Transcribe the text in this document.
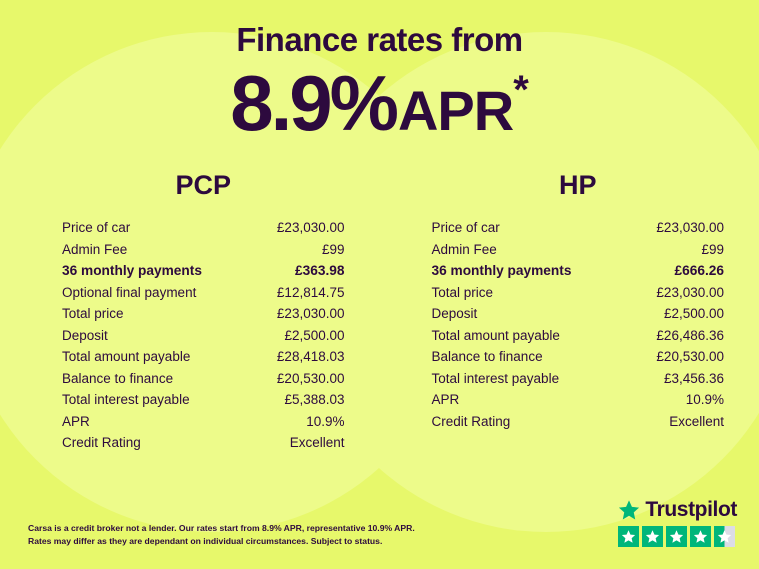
Finance rates from
8.9%APR*
PCP
Price of car	£23,030.00
Admin Fee	£99
36 monthly payments	£363.98
Optional final payment	£12,814.75
Total price	£23,030.00
Deposit	£2,500.00
Total amount payable	£28,418.03
Balance to finance	£20,530.00
Total interest payable	£5,388.03
APR	10.9%
Credit Rating	Excellent
HP
Price of car	£23,030.00
Admin Fee	£99
36 monthly payments	£666.26
Total price	£23,030.00
Deposit	£2,500.00
Total amount payable	£26,486.36
Balance to finance	£20,530.00
Total interest payable	£3,456.36
APR	10.9%
Credit Rating	Excellent
Carsa is a credit broker not a lender. Our rates start from 8.9% APR, representative 10.9% APR.
Rates may differ as they are dependant on individual circumstances. Subject to status.
Trustpilot
